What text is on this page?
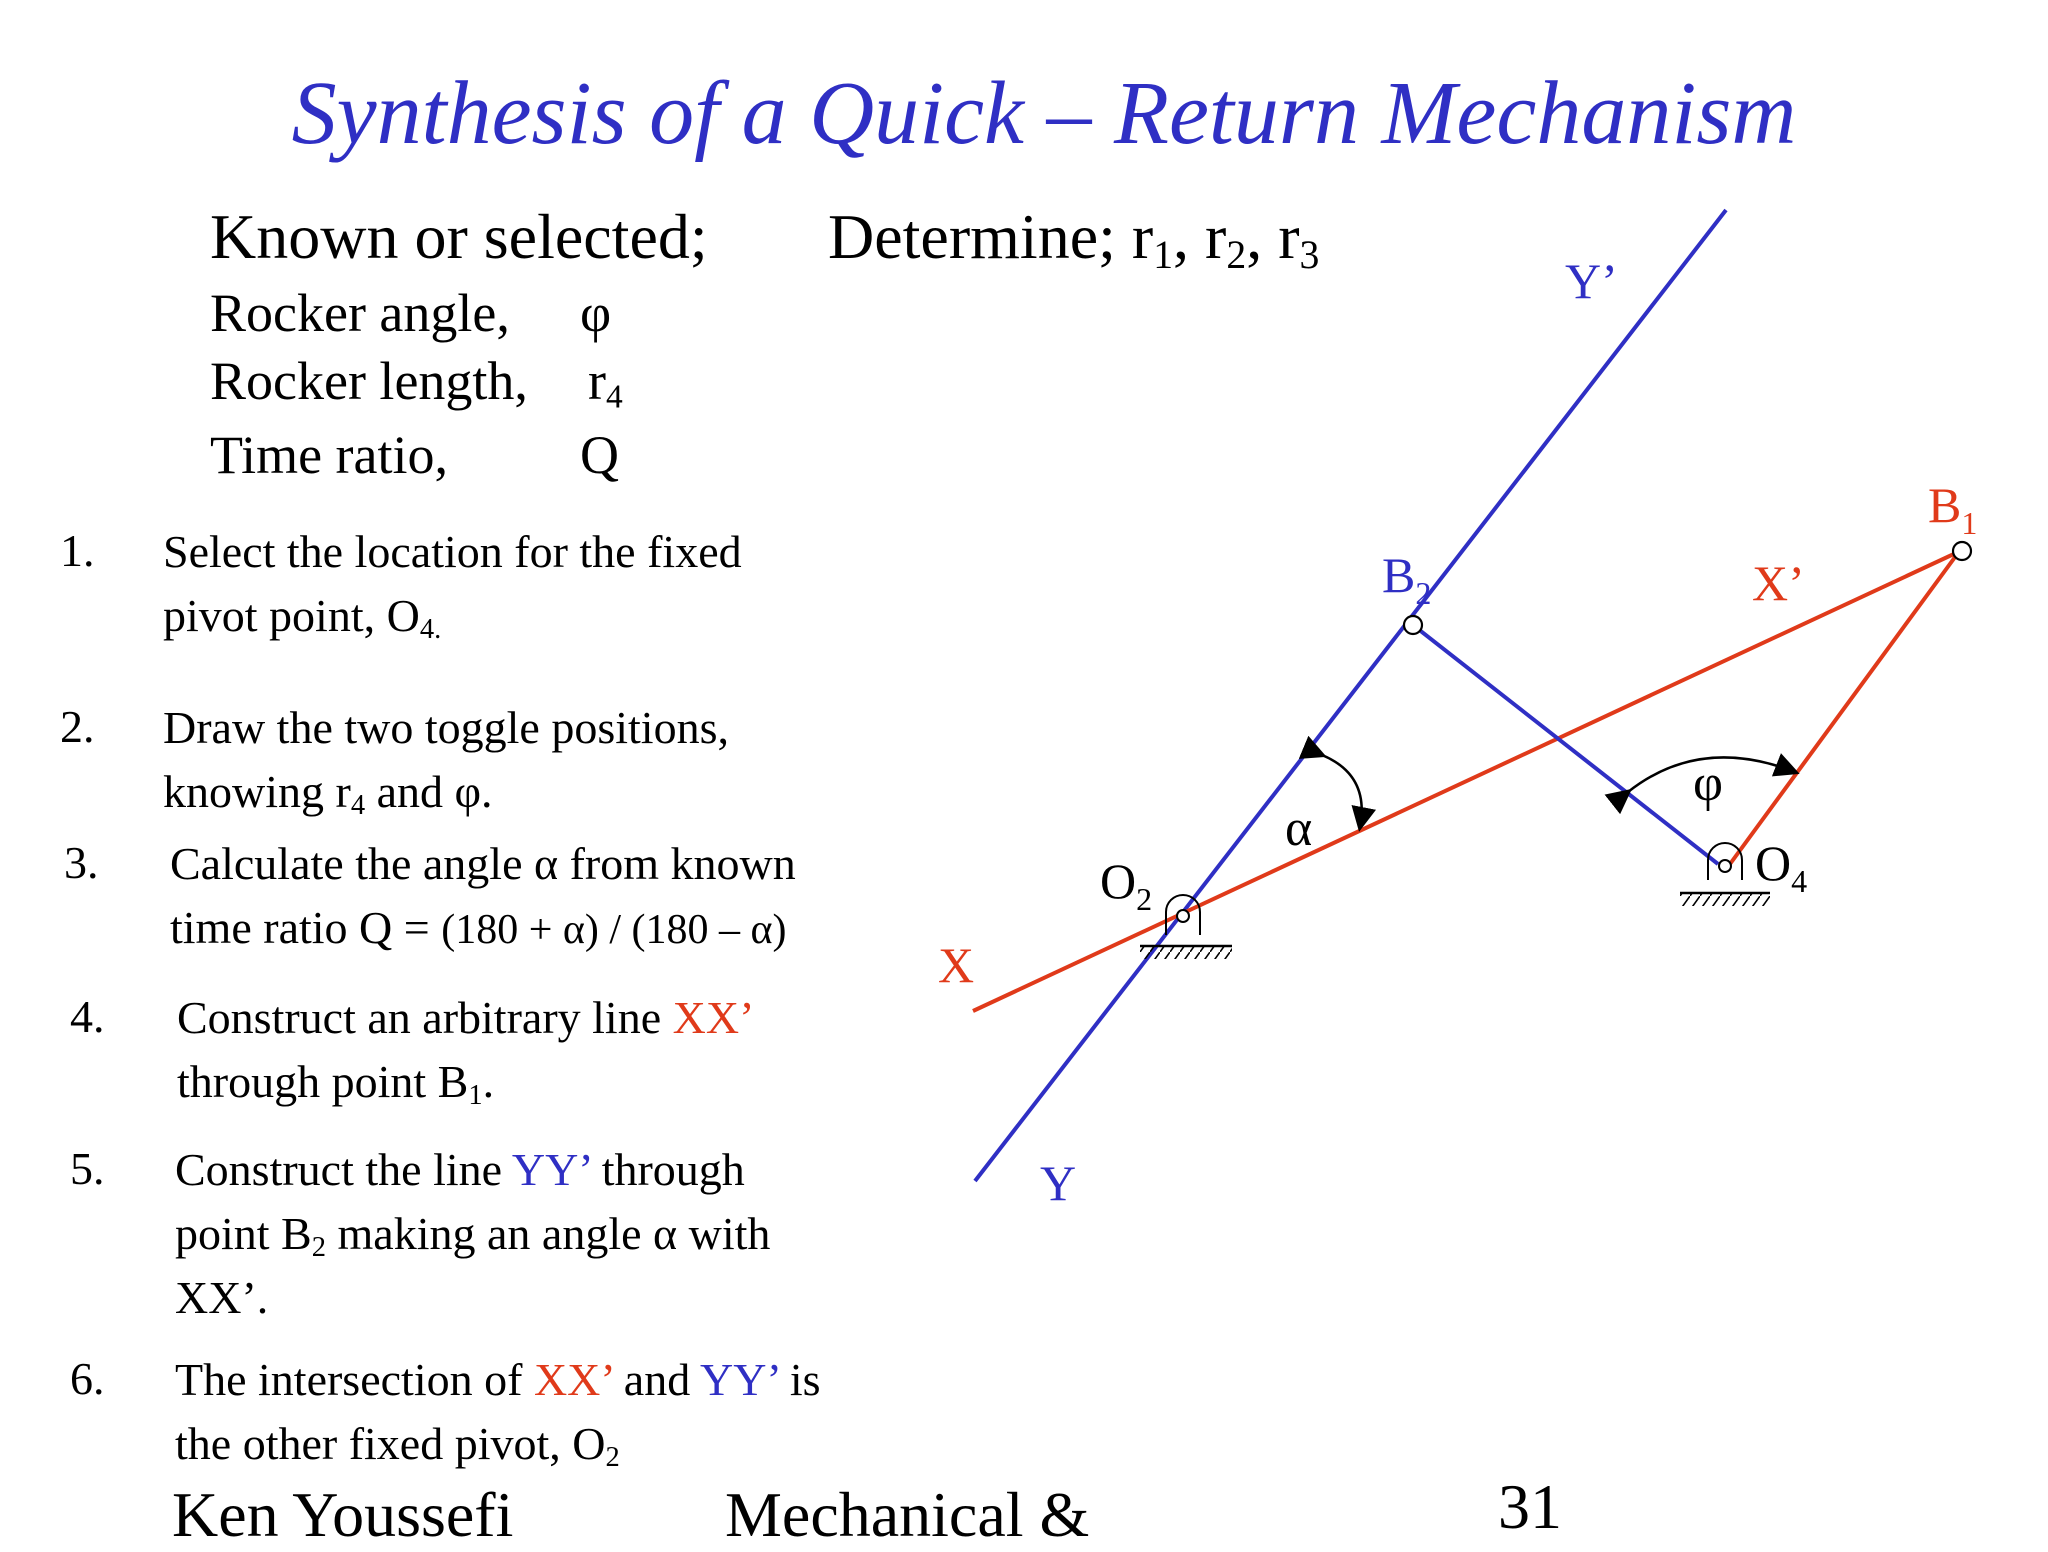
Synthesis of a Quick – Return Mechanism
Known or selected; Determine; $r_1$, $r_2$, $r_3$
Rocker angle, φ
Rocker length, $r_4$
Time ratio, Q
1. Select the location for the fixed
pivot point, $O_{4.}$
2. Draw the two toggle positions,
knowing $r_4$ and φ.
3. Calculate the angle α from known
time ratio Q = (180 + α) / (180 – α)
4. Construct an arbitrary line XX’
through point $B_1$.
5. Construct the line YY’ through
point $B_2$ making an angle α with
XX’.
6. The intersection of XX’ and YY’ is
the other fixed pivot, $O_2$
Ken Youssefi	Mechanical &	31
Y’
$B_2$
$B_1$
X’
φ
α
$O_2$
$O_4$
X
Y
